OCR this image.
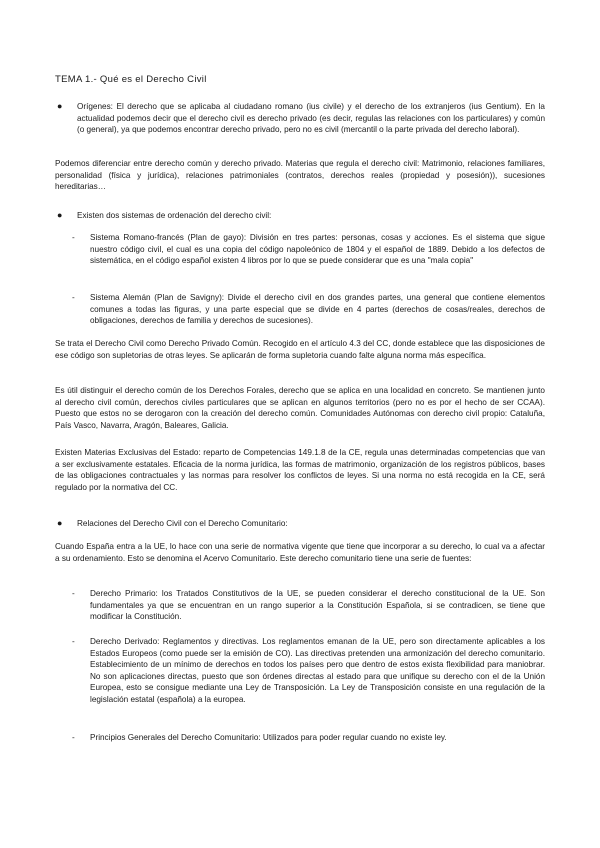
TEMA 1.- Qué es el Derecho Civil
● Orígenes: El derecho que se aplicaba al ciudadano romano (ius civile) y el derecho de los extranjeros (ius Gentium). En la actualidad podemos decir que el derecho civil es derecho privado (es decir, regulas las relaciones con los particulares) y común (o general), ya que podemos encontrar derecho privado, pero no es civil (mercantil o la parte privada del derecho laboral).

Podemos diferenciar entre derecho común y derecho privado. Materias que regula el derecho civil: Matrimonio, relaciones familiares, personalidad (física y jurídica), relaciones patrimoniales (contratos, derechos reales (propiedad y posesión)), sucesiones hereditarias…

● Existen dos sistemas de ordenación del derecho civil:

- Sistema Romano-francés (Plan de gayo): División en tres partes: personas, cosas y acciones. Es el sistema que sigue nuestro código civil, el cual es una copia del código napoleónico de 1804 y el español de 1889. Debido a los defectos de sistemática, en el código español existen 4 libros por lo que se puede considerar que es una "mala copia"

- Sistema Alemán (Plan de Savigny): Divide el derecho civil en dos grandes partes, una general que contiene elementos comunes a todas las figuras, y una parte especial que se divide en 4 partes (derechos de cosas/reales, derechos de obligaciones, derechos de familia y derechos de sucesiones).

Se trata el Derecho Civil como Derecho Privado Común. Recogido en el artículo 4.3 del CC, donde establece que las disposiciones de ese código son supletorias de otras leyes. Se aplicarán de forma supletoria cuando falte alguna norma más específica.

Es útil distinguir el derecho común de los Derechos Forales, derecho que se aplica en una localidad en concreto. Se mantienen junto al derecho civil común, derechos civiles particulares que se aplican en algunos territorios (pero no es por el hecho de ser CCAA). Puesto que estos no se derogaron con la creación del derecho común. Comunidades Autónomas con derecho civil propio: Cataluña, País Vasco, Navarra, Aragón, Baleares, Galicia.

Existen Materias Exclusivas del Estado: reparto de Competencias 149.1.8 de la CE, regula unas determinadas competencias que van a ser exclusivamente estatales. Eficacia de la norma jurídica, las formas de matrimonio, organización de los registros públicos, bases de las obligaciones contractuales y las normas para resolver los conflictos de leyes. Si una norma no está recogida en la CE, será regulado por la normativa del CC.

● Relaciones del Derecho Civil con el Derecho Comunitario:

Cuando España entra a la UE, lo hace con una serie de normativa vigente que tiene que incorporar a su derecho, lo cual va a afectar a su ordenamiento. Esto se denomina el Acervo Comunitario. Este derecho comunitario tiene una serie de fuentes:

- Derecho Primario: los Tratados Constitutivos de la UE, se pueden considerar el derecho constitucional de la UE. Son fundamentales ya que se encuentran en un rango superior a la Constitución Española, si se contradicen, se tiene que modificar la Constitución.

- Derecho Derivado: Reglamentos y directivas. Los reglamentos emanan de la UE, pero son directamente aplicables a los Estados Europeos (como puede ser la emisión de CO). Las directivas pretenden una armonización del derecho comunitario. Establecimiento de un mínimo de derechos en todos los países pero que dentro de estos exista flexibilidad para maniobrar. No son aplicaciones directas, puesto que son órdenes directas al estado para que unifique su derecho con el de la Unión Europea, esto se consigue mediante una Ley de Transposición. La Ley de Transposición consiste en una regulación de la legislación estatal (española) a la europea.

- Principios Generales del Derecho Comunitario: Utilizados para poder regular cuando no existe ley.
